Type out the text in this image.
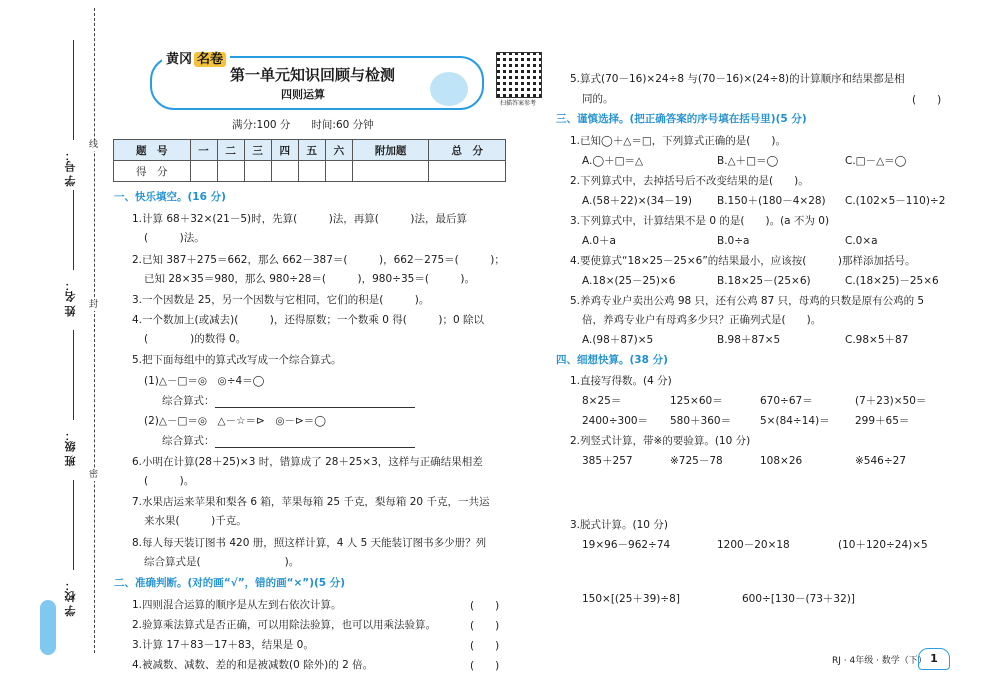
线
封
密
学 号：
姓 名：
班 级：
学 校：
黄冈 名卷
第一单元知识回顾与检测
四则运算
扫描答案参考
满分:100 分　　时间:60 分钟
题　号	一	二	三	四	五	六	附加题	总　分
得　分								
一、快乐填空。(16 分)
1.计算 68＋32×(21－5)时，先算(　　　)法，再算(　　　)法，最后算
(　　　)法。
2.已知 387＋275＝662，那么 662－387＝(　　　)，662－275＝(　　　)；
已知 28×35＝980，那么 980÷28＝(　　　)，980÷35＝(　　　)。
3.一个因数是 25，另一个因数与它相同，它们的积是(　　　)。
4.一个数加上(或减去)(　　　)，还得原数；一个数乘 0 得(　　　)；0 除以
(　　　　)的数得 0。
5.把下面每组中的算式改写成一个综合算式。
(1)△－□＝◎　◎÷4＝◯
综合算式：
(2)△－□＝◎　△－☆＝⊳　◎－⊳＝◯
综合算式：
6.小明在计算(28＋25)×3 时，错算成了 28＋25×3，这样与正确结果相差
(　　　)。
7.水果店运来苹果和梨各 6 箱，苹果每箱 25 千克，梨每箱 20 千克，一共运
来水果(　　　)千克。
8.每人每天装订图书 420 册，照这样计算，4 人 5 天能装订图书多少册？列
综合算式是(　　　　　　　　)。
二、准确判断。(对的画“√”，错的画“×”)(5 分)
1.四则混合运算的顺序是从左到右依次计算。	(　　)
2.验算乘法算式是否正确，可以用除法验算，也可以用乘法验算。	(　　)
3.计算 17＋83－17＋83，结果是 0。	(　　)
4.被减数、减数、差的和是被减数(0 除外)的 2 倍。	(　　)
5.算式(70－16)×24÷8 与(70－16)×(24÷8)的计算顺序和结果都是相
同的。	(　　)
三、谨慎选择。(把正确答案的序号填在括号里)(5 分)
1.已知◯＋△＝□，下列算式正确的是(　　)。
A.◯＋□＝△	B.△＋□＝◯	C.□－△＝◯
2.下列算式中，去掉括号后不改变结果的是(　　)。
A.(58＋22)×(34－19) B.150＋(180－4×28) C.(102×5－110)÷2
3.下列算式中，计算结果不是 0 的是(　　)。(a 不为 0)
A.0＋a	B.0÷a	C.0×a
4.要使算式“18×25－25×6”的结果最小，应该按(　　　)那样添加括号。
A.18×(25－25)×6	B.18×25－(25×6)	C.(18×25)－25×6
5.养鸡专业户卖出公鸡 98 只，还有公鸡 87 只，母鸡的只数是原有公鸡的 5
倍，养鸡专业户有母鸡多少只？正确列式是(　　)。
A.(98＋87)×5	B.98＋87×5	C.98×5＋87
四、细想快算。(38 分)
1.直接写得数。(4 分)
8×25＝	125×60＝	670÷67＝	(7＋23)×50＝
2400÷300＝ 580＋360＝	5×(84÷14)＝ 299＋65＝
2.列竖式计算，带※的要验算。(10 分)
385＋257	※725－78	108×26	※546÷27
3.脱式计算。(10 分)
19×96－962÷74	1200－20×18	(10＋120÷24)×5
150×[(25＋39)÷8]	600÷[130－(73＋32)]
RJ · 4年级 · 数学（下） 1
